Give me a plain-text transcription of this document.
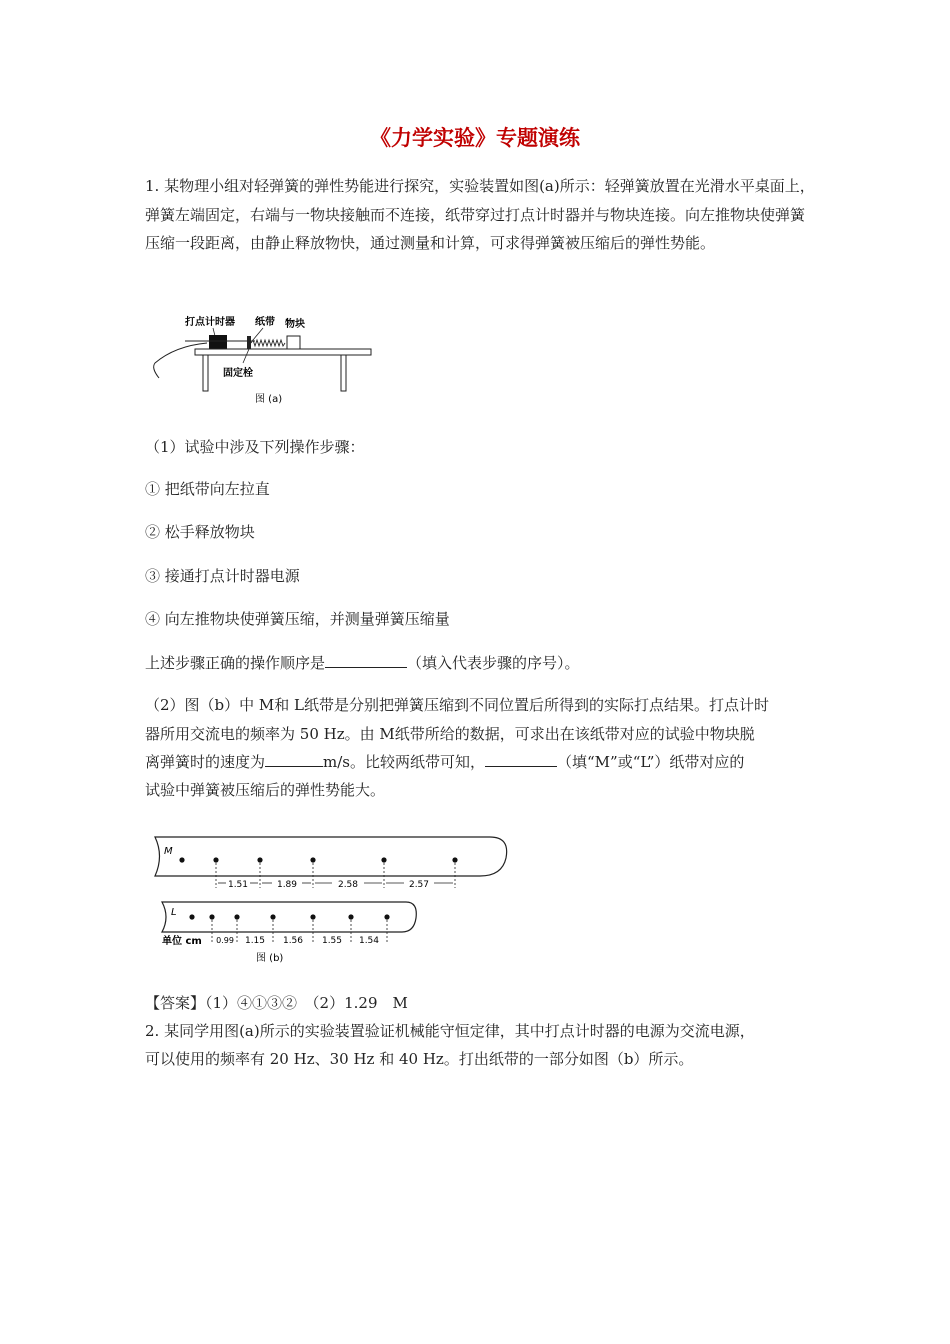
《力学实验》专题演练

1. 某物理小组对轻弹簧的弹性势能进行探究，实验装置如图(a)所示：轻弹簧放置在光滑水平桌面上，弹簧左端固定，右端与一物块接触而不连接，纸带穿过打点计时器并与物块连接。向左推物块使弹簧压缩一段距离，由静止释放物快，通过测量和计算，可求得弹簧被压缩后的弹性势能。

打点计时器 纸带 物块
固定栓
图 (a)

（1）试验中涉及下列操作步骤：

① 把纸带向左拉直

② 松手释放物块

③ 接通打点计时器电源

④ 向左推物块使弹簧压缩，并测量弹簧压缩量

上述步骤正确的操作顺序是	（填入代表步骤的序号）。

（2）图（b）中 M和 L纸带是分别把弹簧压缩到不同位置后所得到的实际打点结果。打点计时

器所用交流电的频率为 50 Hz。由 M纸带所给的数据，可求出在该纸带对应的试验中物块脱

离弹簧时的速度为	m/s。比较两纸带可知，	（填“M”或“L”）纸带对应的

试验中弹簧被压缩后的弹性势能大。

M
1.51	1.89	2.58	2.57
L
单位 cm 0.99 1.15 1.56 1.55 1.54
图 (b)

【答案】（1）④①③②　（2）1.29　M

2. 某同学用图(a)所示的实验装置验证机械能守恒定律，其中打点计时器的电源为交流电源，

可以使用的频率有 20 Hz、30 Hz 和 40 Hz。打出纸带的一部分如图（b）所示。
